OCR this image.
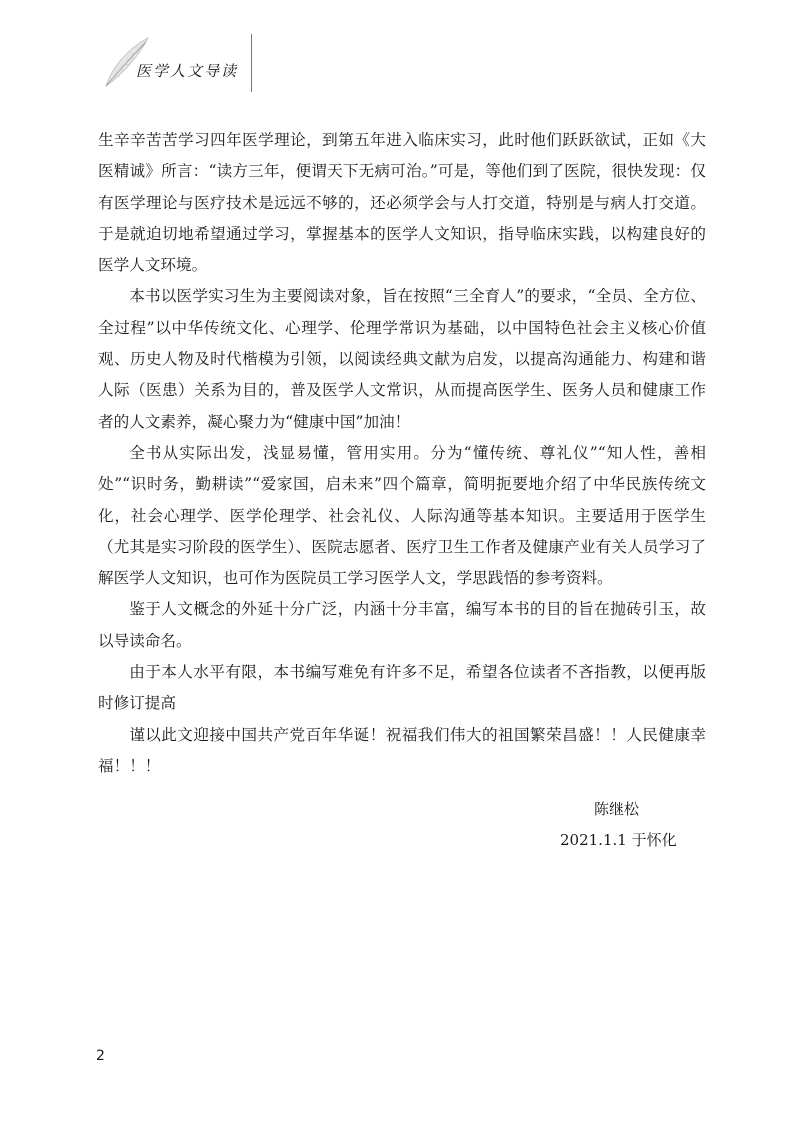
医学人文导读

生辛辛苦苦学习四年医学理论，到第五年进入临床实习，此时他们跃跃欲试，正如《大医精诚》所言：“读方三年，便谓天下无病可治。”可是，等他们到了医院，很快发现：仅有医学理论与医疗技术是远远不够的，还必须学会与人打交道，特别是与病人打交道。于是就迫切地希望通过学习，掌握基本的医学人文知识，指导临床实践，以构建良好的医学人文环境。

本书以医学实习生为主要阅读对象，旨在按照“三全育人”的要求，“全员、全方位、全过程”以中华传统文化、心理学、伦理学常识为基础，以中国特色社会主义核心价值观、历史人物及时代楷模为引领，以阅读经典文献为启发，以提高沟通能力、构建和谐人际（医患）关系为目的，普及医学人文常识，从而提高医学生、医务人员和健康工作者的人文素养，凝心聚力为“健康中国”加油！

全书从实际出发，浅显易懂，管用实用。分为“懂传统、尊礼仪”“知人性，善相处”“识时务，勤耕读”“爱家国，启未来”四个篇章，简明扼要地介绍了中华民族传统文化，社会心理学、医学伦理学、社会礼仪、人际沟通等基本知识。主要适用于医学生（尤其是实习阶段的医学生）、医院志愿者、医疗卫生工作者及健康产业有关人员学习了解医学人文知识，也可作为医院员工学习医学人文，学思践悟的参考资料。

鉴于人文概念的外延十分广泛，内涵十分丰富，编写本书的目的旨在抛砖引玉，故以导读命名。

由于本人水平有限，本书编写难免有许多不足，希望各位读者不吝指教，以便再版时修订提高

谨以此文迎接中国共产党百年华诞！祝福我们伟大的祖国繁荣昌盛！！人民健康幸福！！！

陈继松
2021.1.1 于怀化
2
